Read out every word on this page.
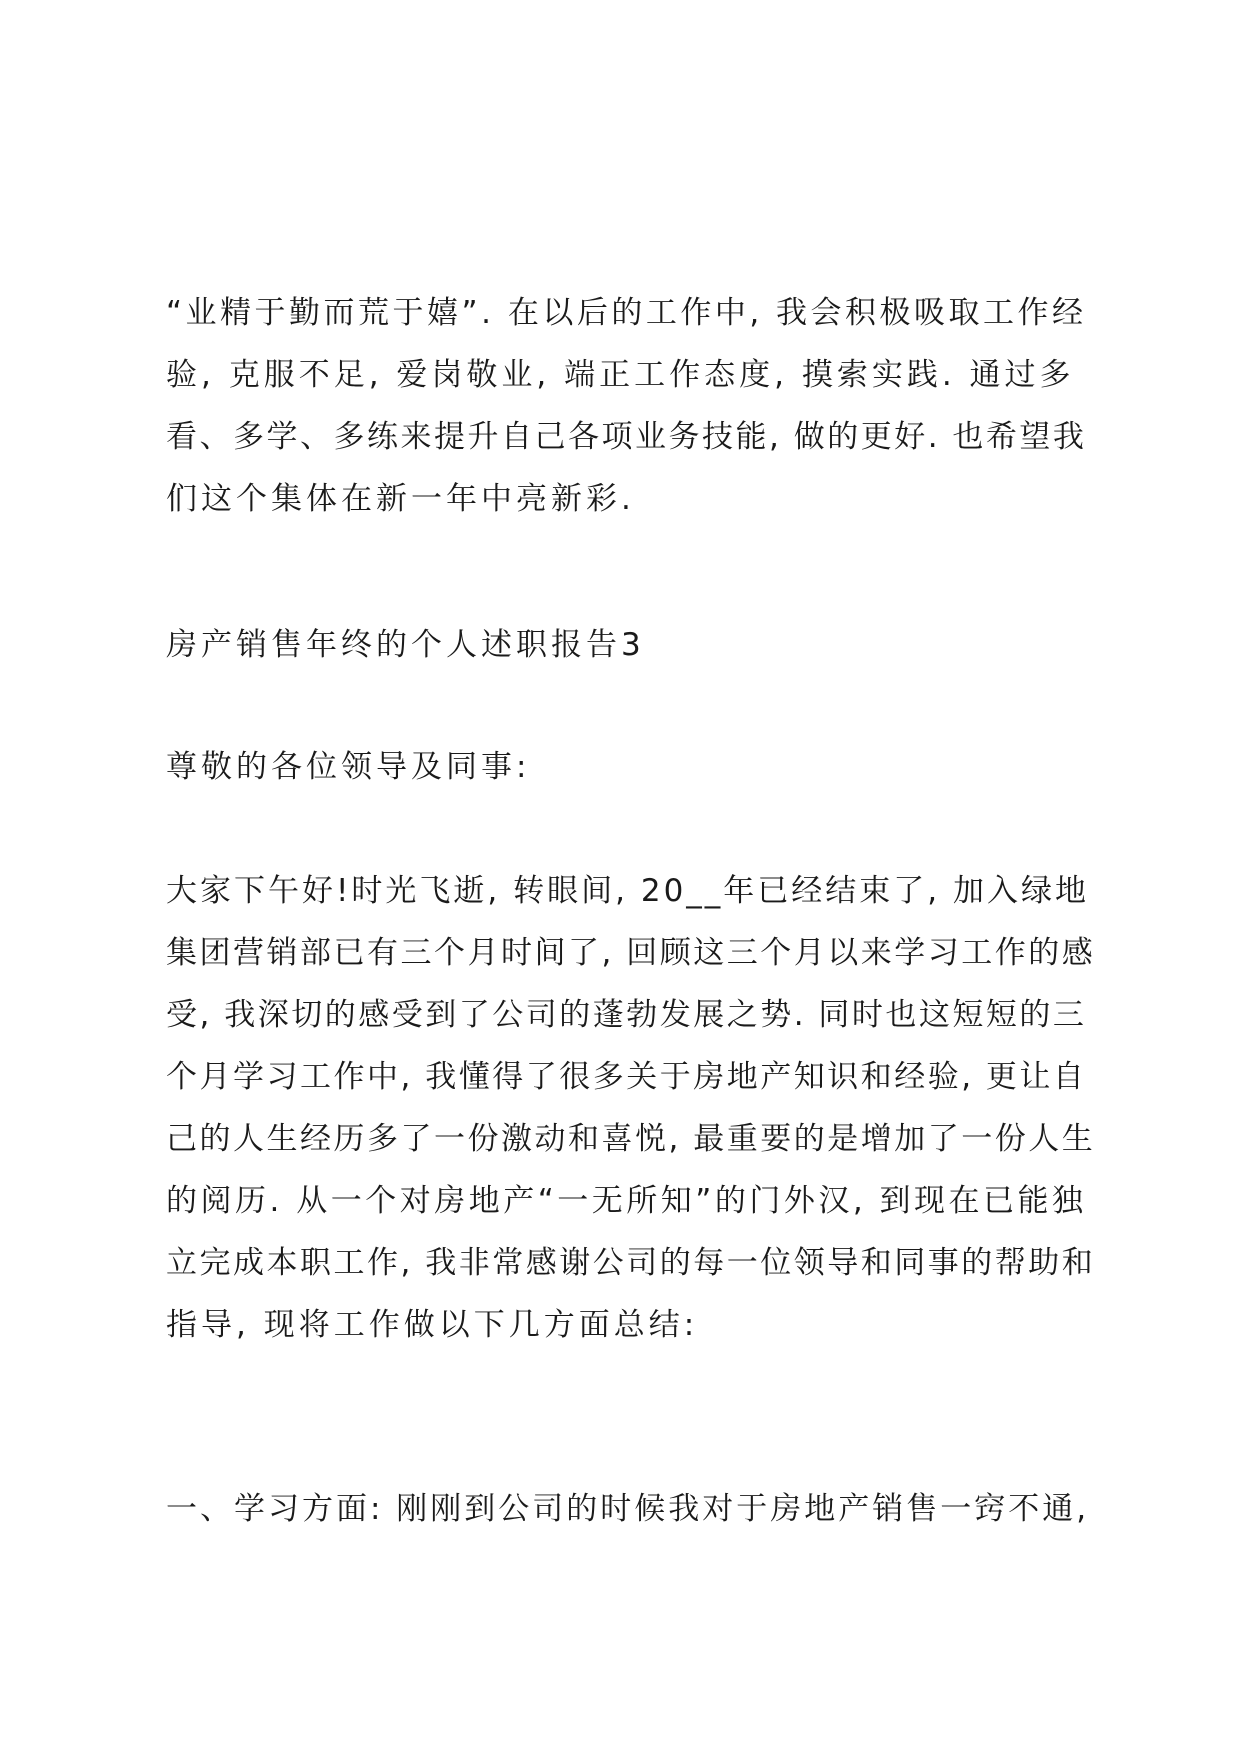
“业精于勤而荒于嬉”. 在以后的工作中, 我会积极吸取工作经
验, 克服不足, 爱岗敬业, 端正工作态度, 摸索实践. 通过多
看、多学、多练来提升自己各项业务技能, 做的更好. 也希望我
们这个集体在新一年中亮新彩.
房产销售年终的个人述职报告3
尊敬的各位领导及同事:
大家下午好!时光飞逝, 转眼间, 20__年已经结束了, 加入绿地
集团营销部已有三个月时间了, 回顾这三个月以来学习工作的感
受, 我深切的感受到了公司的蓬勃发展之势. 同时也这短短的三
个月学习工作中, 我懂得了很多关于房地产知识和经验, 更让自
己的人生经历多了一份激动和喜悦, 最重要的是增加了一份人生
的阅历. 从一个对房地产“一无所知”的门外汉, 到现在已能独
立完成本职工作, 我非常感谢公司的每一位领导和同事的帮助和
指导, 现将工作做以下几方面总结:
一、学习方面: 刚刚到公司的时候我对于房地产销售一窍不通,
